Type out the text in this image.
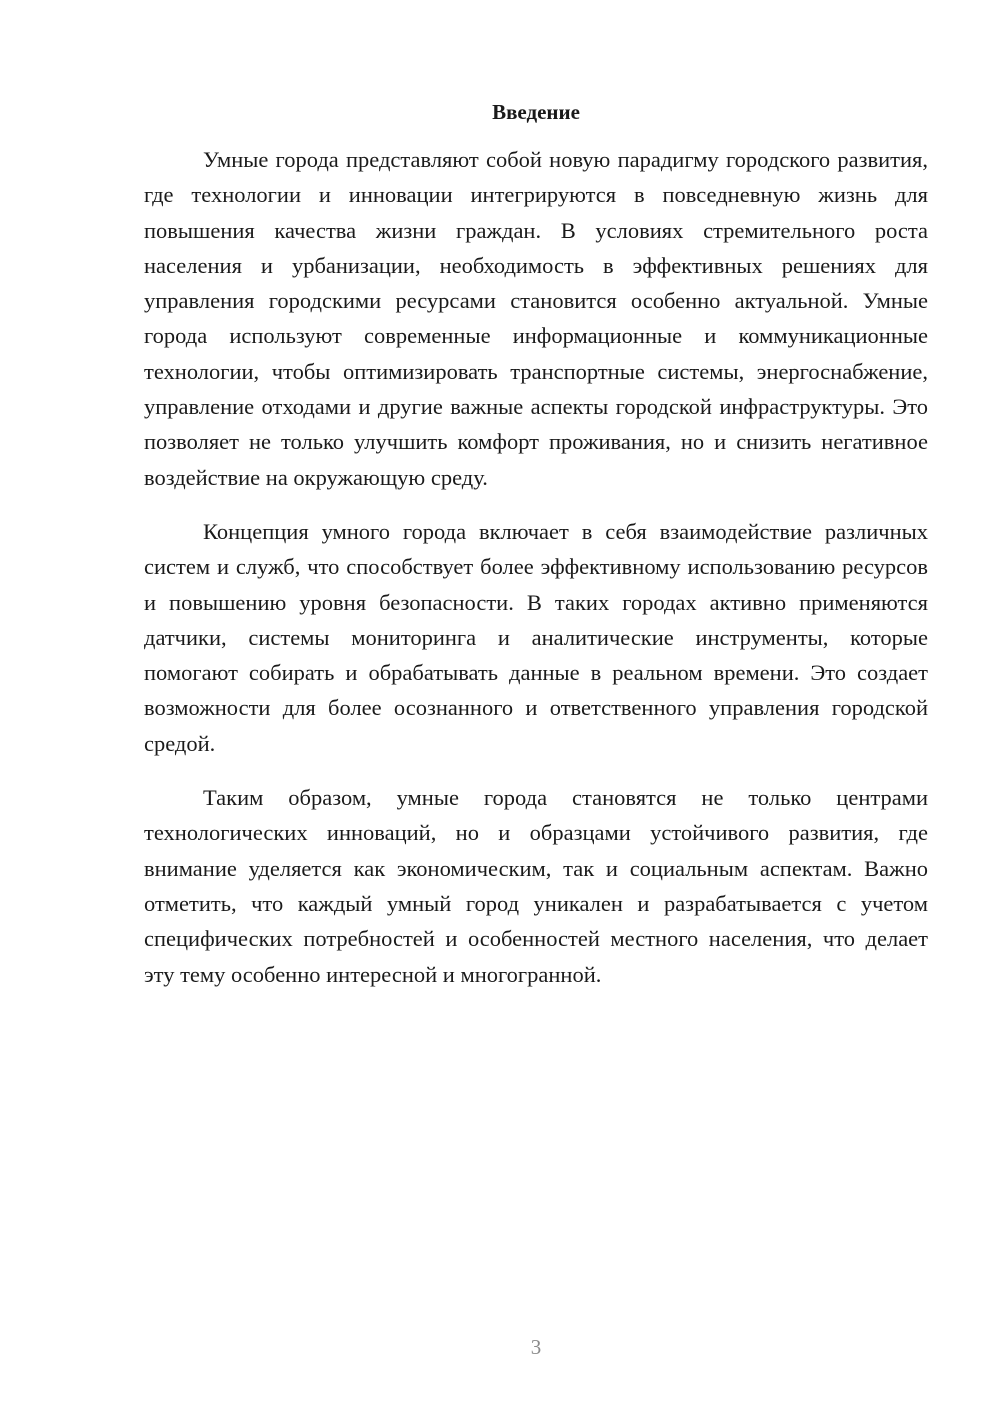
Введение

Умные города представляют собой новую парадигму городского развития, где технологии и инновации интегрируются в повседневную жизнь для повышения качества жизни граждан. В условиях стремительного роста населения и урбанизации, необходимость в эффективных решениях для управления городскими ресурсами становится особенно актуальной. Умные города используют современные информационные и коммуникационные технологии, чтобы оптимизировать транспортные системы, энергоснабжение, управление отходами и другие важные аспекты городской инфраструктуры. Это позволяет не только улучшить комфорт проживания, но и снизить негативное воздействие на окружающую среду.

Концепция умного города включает в себя взаимодействие различных систем и служб, что способствует более эффективному использованию ресурсов и повышению уровня безопасности. В таких городах активно применяются датчики, системы мониторинга и аналитические инструменты, которые помогают собирать и обрабатывать данные в реальном времени. Это создает возможности для более осознанного и ответственного управления городской средой.

Таким образом, умные города становятся не только центрами технологических инноваций, но и образцами устойчивого развития, где внимание уделяется как экономическим, так и социальным аспектам. Важно отметить, что каждый умный город уникален и разрабатывается с учетом специфических потребностей и особенностей местного населения, что делает эту тему особенно интересной и многогранной.

3
